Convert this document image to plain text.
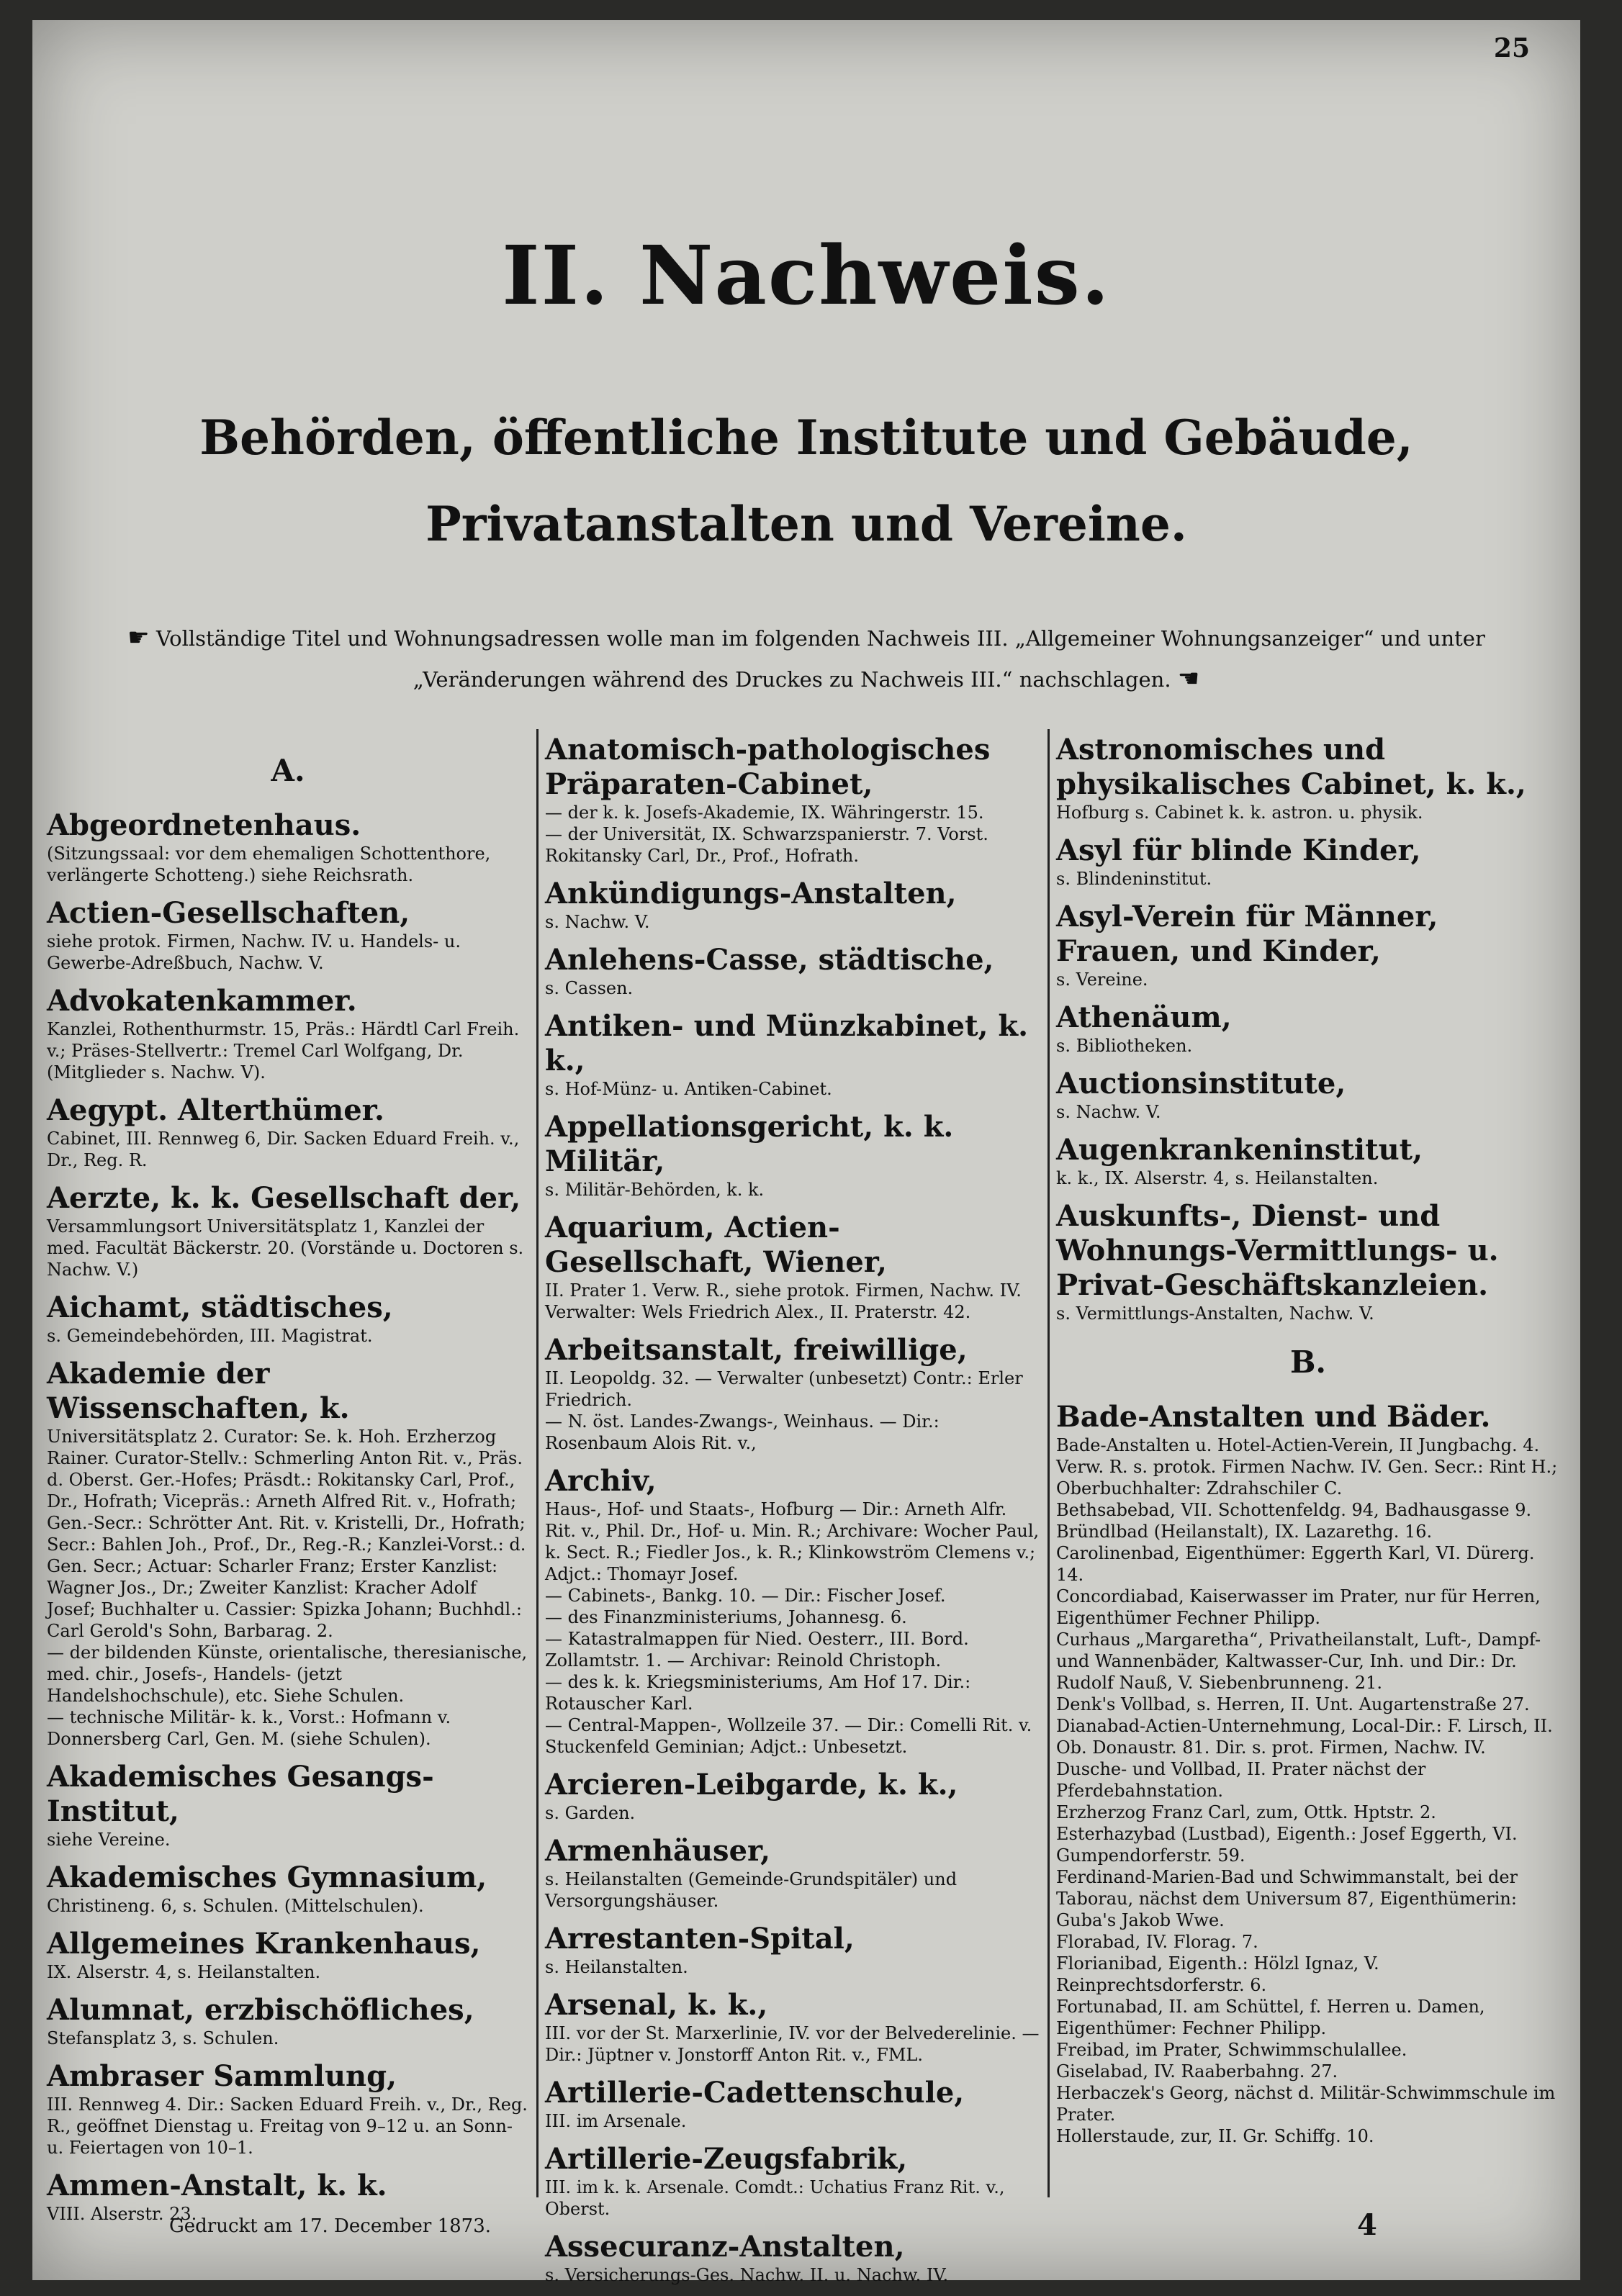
25
II. Nachweis.
Behörden, öffentliche Institute und Gebäude, Privatanstalten und Vereine.
☛ Vollständige Titel und Wohnungsadressen wolle man im folgenden Nachweis III. „Allgemeiner Wohnungsanzeiger“ und unter „Veränderungen während des Druckes zu Nachweis III.“ nachschlagen. ☚
A.
Abgeordnetenhaus.
(Sitzungssaal: vor dem ehemaligen Schottenthore, verlängerte Schotteng.) siehe Reichsrath.
Actien-Gesellschaften,
siehe protok. Firmen, Nachw. IV. u. Handels- u. Gewerbe-Adreßbuch, Nachw. V.
Advokatenkammer.
Kanzlei, Rothenthurmstr. 15, Präs.: Härdtl Carl Freih. v.; Präses-Stellvertr.: Tremel Carl Wolfgang, Dr. (Mitglieder s. Nachw. V).
Aegypt. Alterthümer.
Cabinet, III. Rennweg 6, Dir. Sacken Eduard Freih. v., Dr., Reg. R.
Aerzte, k. k. Gesellschaft der,
Versammlungsort Universitätsplatz 1, Kanzlei der med. Facultät Bäckerstr. 20. (Vorstände u. Doctoren s. Nachw. V.)
Aichamt, städtisches,
s. Gemeindebehörden, III. Magistrat.
Akademie der Wissenschaften, k.
Universitätsplatz 2. Curator: Se. k. Hoh. Erzherzog Rainer. Curator-Stellv.: Schmerling Anton Rit. v., Präs. d. Oberst. Ger.-Hofes; Präsdt.: Rokitansky Carl, Prof., Dr., Hofrath; Vicepräs.: Arneth Alfred Rit. v., Hofrath; Gen.-Secr.: Schrötter Ant. Rit. v. Kristelli, Dr., Hofrath; Secr.: Bahlen Joh., Prof., Dr., Reg.-R.; Kanzlei-Vorst.: d. Gen. Secr.; Actuar: Scharler Franz; Erster Kanzlist: Wagner Jos., Dr.; Zweiter Kanzlist: Kracher Adolf Josef; Buchhalter u. Cassier: Spizka Johann; Buchhdl.: Carl Gerold's Sohn, Barbarag. 2.
— der bildenden Künste, orientalische, theresianische, med. chir., Josefs-, Handels- (jetzt Handelshochschule), etc. Siehe Schulen.
— technische Militär- k. k., Vorst.: Hofmann v. Donnersberg Carl, Gen. M. (siehe Schulen).
Akademisches Gesangs-Institut,
siehe Vereine.
Akademisches Gymnasium,
Christineng. 6, s. Schulen. (Mittelschulen).
Allgemeines Krankenhaus,
IX. Alserstr. 4, s. Heilanstalten.
Alumnat, erzbischöfliches,
Stefansplatz 3, s. Schulen.
Ambraser Sammlung,
III. Rennweg 4. Dir.: Sacken Eduard Freih. v., Dr., Reg. R., geöffnet Dienstag u. Freitag von 9–12 u. an Sonn- u. Feiertagen von 10–1.
Ammen-Anstalt, k. k.
VIII. Alserstr. 23.
Anatomisch-pathologisches Präparaten-Cabinet,
— der k. k. Josefs-Akademie, IX. Währingerstr. 15.
— der Universität, IX. Schwarzspanierstr. 7. Vorst. Rokitansky Carl, Dr., Prof., Hofrath.
Ankündigungs-Anstalten,
s. Nachw. V.
Anlehens-Casse, städtische,
s. Cassen.
Antiken- und Münzkabinet, k. k.,
s. Hof-Münz- u. Antiken-Cabinet.
Appellationsgericht, k. k. Militär,
s. Militär-Behörden, k. k.
Aquarium, Actien-Gesellschaft, Wiener,
II. Prater 1. Verw. R., siehe protok. Firmen, Nachw. IV. Verwalter: Wels Friedrich Alex., II. Praterstr. 42.
Arbeitsanstalt, freiwillige,
II. Leopoldg. 32. — Verwalter (unbesetzt) Contr.: Erler Friedrich.
— N. öst. Landes-Zwangs-, Weinhaus. — Dir.: Rosenbaum Alois Rit. v.,
Archiv,
Haus-, Hof- und Staats-, Hofburg — Dir.: Arneth Alfr. Rit. v., Phil. Dr., Hof- u. Min. R.; Archivare: Wocher Paul, k. Sect. R.; Fiedler Jos., k. R.; Klinkowström Clemens v.; Adjct.: Thomayr Josef.
— Cabinets-, Bankg. 10. — Dir.: Fischer Josef.
— des Finanzministeriums, Johannesg. 6.
— Katastralmappen für Nied. Oesterr., III. Bord. Zollamtstr. 1. — Archivar: Reinold Christoph.
— des k. k. Kriegsministeriums, Am Hof 17. Dir.: Rotauscher Karl.
— Central-Mappen-, Wollzeile 37. — Dir.: Comelli Rit. v. Stuckenfeld Geminian; Adjct.: Unbesetzt.
Arcieren-Leibgarde, k. k.,
s. Garden.
Armenhäuser,
s. Heilanstalten (Gemeinde-Grundspitäler) und Versorgungshäuser.
Arrestanten-Spital,
s. Heilanstalten.
Arsenal, k. k.,
III. vor der St. Marxerlinie, IV. vor der Belvederelinie. — Dir.: Jüptner v. Jonstorff Anton Rit. v., FML.
Artillerie-Cadettenschule,
III. im Arsenale.
Artillerie-Zeugsfabrik,
III. im k. k. Arsenale. Comdt.: Uchatius Franz Rit. v., Oberst.
Assecuranz-Anstalten,
s. Versicherungs-Ges. Nachw. II. u. Nachw. IV.
Astronomisches und physikalisches Cabinet, k. k.,
Hofburg s. Cabinet k. k. astron. u. physik.
Asyl für blinde Kinder,
s. Blindeninstitut.
Asyl-Verein für Männer, Frauen, und Kinder,
s. Vereine.
Athenäum,
s. Bibliotheken.
Auctionsinstitute,
s. Nachw. V.
Augenkrankeninstitut,
k. k., IX. Alserstr. 4, s. Heilanstalten.
Auskunfts-, Dienst- und Wohnungs-Vermittlungs- u. Privat-Geschäftskanzleien.
s. Vermittlungs-Anstalten, Nachw. V.
B.
Bade-Anstalten und Bäder.
Bade-Anstalten u. Hotel-Actien-Verein, II Jungbachg. 4. Verw. R. s. protok. Firmen Nachw. IV. Gen. Secr.: Rint H.; Oberbuchhalter: Zdrahschiler C.
Bethsabebad, VII. Schottenfeldg. 94, Badhausgasse 9.
Bründlbad (Heilanstalt), IX. Lazarethg. 16.
Carolinenbad, Eigenthümer: Eggerth Karl, VI. Dürerg. 14.
Concordiabad, Kaiserwasser im Prater, nur für Herren, Eigenthümer Fechner Philipp.
Curhaus „Margaretha“, Privatheilanstalt, Luft-, Dampf- und Wannenbäder, Kaltwasser-Cur, Inh. und Dir.: Dr. Rudolf Nauß, V. Siebenbrunneng. 21.
Denk's Vollbad, s. Herren, II. Unt. Augartenstraße 27.
Dianabad-Actien-Unternehmung, Local-Dir.: F. Lirsch, II. Ob. Donaustr. 81. Dir. s. prot. Firmen, Nachw. IV.
Dusche- und Vollbad, II. Prater nächst der Pferdebahnstation.
Erzherzog Franz Carl, zum, Ottk. Hptstr. 2.
Esterhazybad (Lustbad), Eigenth.: Josef Eggerth, VI. Gumpendorferstr. 59.
Ferdinand-Marien-Bad und Schwimmanstalt, bei der Taborau, nächst dem Universum 87, Eigenthümerin: Guba's Jakob Wwe.
Florabad, IV. Florag. 7.
Florianibad, Eigenth.: Hölzl Ignaz, V. Reinprechtsdorferstr. 6.
Fortunabad, II. am Schüttel, f. Herren u. Damen, Eigenthümer: Fechner Philipp.
Freibad, im Prater, Schwimmschulallee.
Giselabad, IV. Raaberbahng. 27.
Herbaczek's Georg, nächst d. Militär-Schwimmschule im Prater.
Hollerstaude, zur, II. Gr. Schiffg. 10.
Gedruckt am 17. December 1873.	4
